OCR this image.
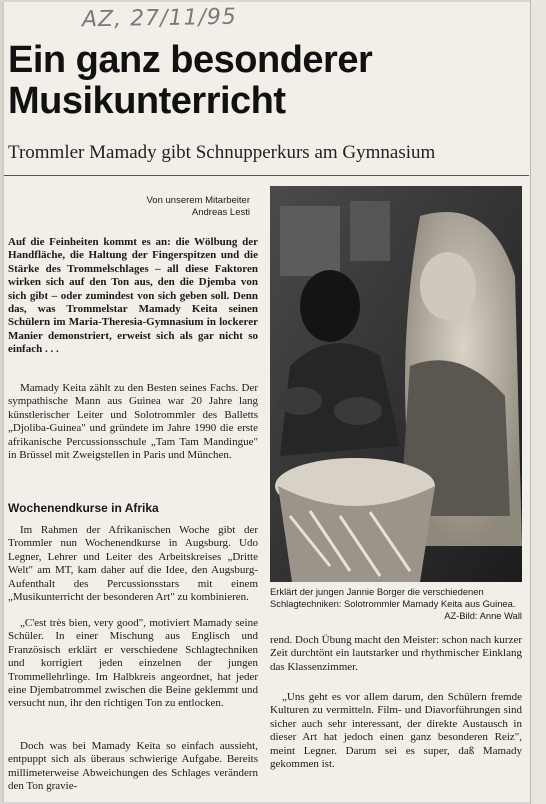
AZ, 27/11/95
Ein ganz besonderer
Musikunterricht
Trommler Mamady gibt Schnupperkurs am Gymnasium
Von unserem Mitarbeiter
Andreas Lesti

Auf die Feinheiten kommt es an: die Wölbung der Handfläche, die Haltung der Fingerspitzen und die Stärke des Trommelschlages – all diese Faktoren wirken sich auf den Ton aus, den die Djemba von sich gibt – oder zumindest von sich geben soll. Denn das, was Trommelstar Mamady Keita seinen Schülern im Maria-Theresia-Gymnasium in lockerer Manier demonstriert, erweist sich als gar nicht so einfach . . .

Mamady Keita zählt zu den Besten seines Fachs. Der sympathische Mann aus Guinea war 20 Jahre lang künstlerischer Leiter und Solotrommler des Balletts „Djoliba-Guinea" und gründete im Jahre 1990 die erste afrikanische Percussionsschule „Tam Tam Mandingue" in Brüssel mit Zweigstellen in Paris und München.

Wochenendkurse in Afrika

Im Rahmen der Afrikanischen Woche gibt der Trommler nun Wochenendkurse in Augsburg. Udo Legner, Lehrer und Leiter des Arbeitskreises „Dritte Welt" am MT, kam daher auf die Idee, den Augsburg-Aufenthalt des Percussionsstars mit einem „Musikunterricht der besonderen Art" zu kombinieren.

„C'est très bien, very good", motiviert Mamady seine Schüler. In einer Mischung aus Englisch und Französisch erklärt er verschiedene Schlagtechniken und korrigiert jeden einzelnen der jungen Trommellehrlinge. Im Halbkreis angeordnet, hat jeder eine Djembatrommel zwischen die Beine geklemmt und versucht nun, ihr den richtigen Ton zu entlocken.

Doch was bei Mamady Keita so einfach aussieht, entpuppt sich als überaus schwierige Aufgabe. Bereits millimeterweise Abweichungen des Schlages verändern den Ton gravie-

Erklärt der jungen Jannie Borger die verschiedenen Schlagtechniken: Solotrommler Mamady Keita aus Guinea.
AZ-Bild: Anne Wall

rend. Doch Übung macht den Meister: schon nach kurzer Zeit durchtönt ein lautstarker und rhythmischer Einklang das Klassenzimmer.

„Uns geht es vor allem darum, den Schülern fremde Kulturen zu vermitteln. Film- und Diavorführungen sind sicher auch sehr interessant, der direkte Austausch in dieser Art hat jedoch einen ganz besonderen Reiz", meint Legner. Darum sei es super, daß Mamady gekommen ist.
